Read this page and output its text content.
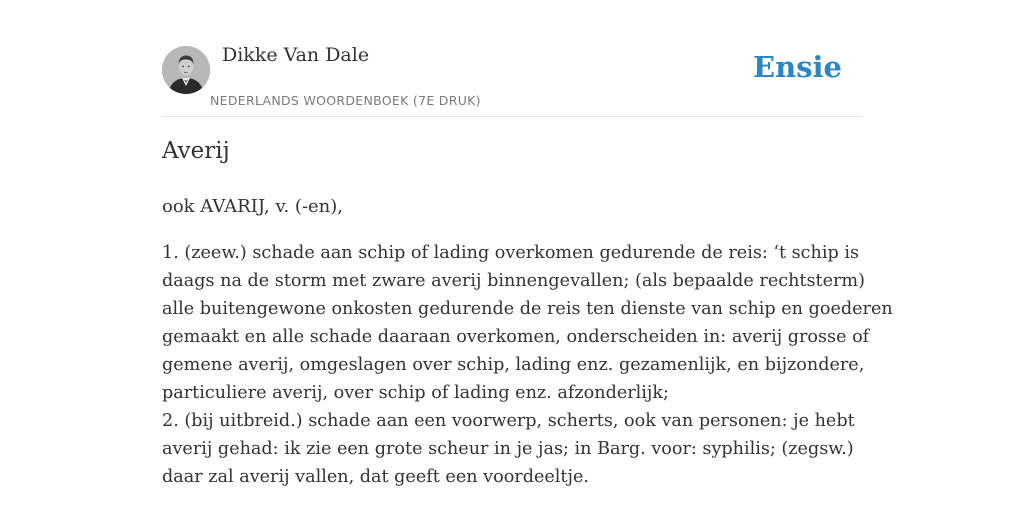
Dikke Van Dale
NEDERLANDS WOORDENBOEK (7E DRUK)
Ensie
Averij

ook AVARIJ, v. (-en),

1. (zeew.) schade aan schip of lading overkomen gedurende de reis: ‘t schip is
daags na de storm met zware averij binnengevallen; (als bepaalde rechtsterm)
alle buitengewone onkosten gedurende de reis ten dienste van schip en goederen
gemaakt en alle schade daaraan overkomen, onderscheiden in: averij grosse of
gemene averij, omgeslagen over schip, lading enz. gezamenlijk, en bijzondere,
particuliere averij, over schip of lading enz. afzonderlijk;
2. (bij uitbreid.) schade aan een voorwerp, scherts, ook van personen: je hebt
averij gehad: ik zie een grote scheur in je jas; in Barg. voor: syphilis; (zegsw.)
daar zal averij vallen, dat geeft een voordeeltje.
